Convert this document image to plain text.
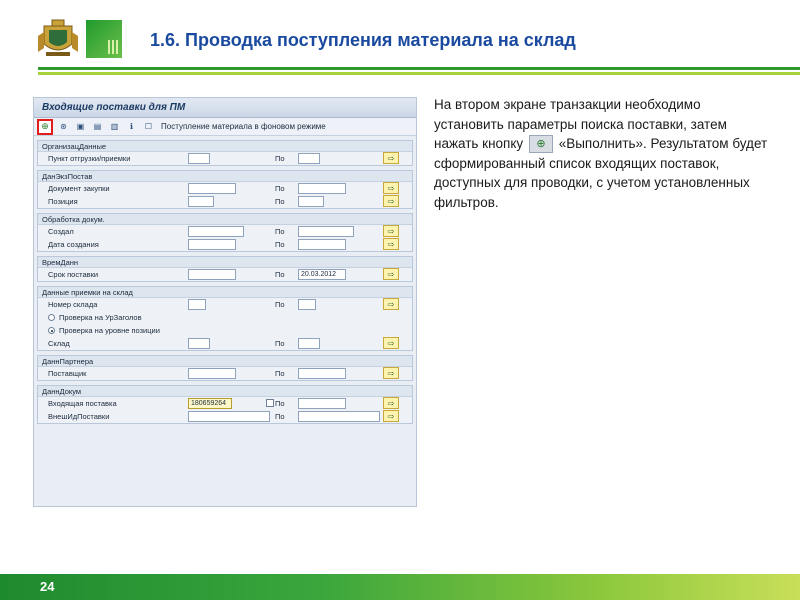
1.6. Проводка поступления материала на склад
Входящие поставки для ПМ
⊕	⊛	▣	▤	▥	ℹ	☐	Поступление материала в фоновом режиме
ОрганизацДанные
Пункт отгрузки/приемки	По	⇨
ДанЭкзПостав
Документ закупки	По	⇨
Позиция	По	⇨
Обработка докум.
Создал	По	⇨
Дата создания	По	⇨
ВремДанн
Срок поставки	По	20.03.2012	⇨
Данные приемки на склад
Номер склада	По	⇨
Проверка на УрЗаголов
Проверка на уровне позиции
Склад	По	⇨
ДаннПартнера
Поставщик	По	⇨
ДаннДокум
Входящая поставка	180659264	По	⇨
ВнешИдПоставки	По	⇨
На втором экране транзакции необходимо установить параметры поиска поставки, затем нажать кнопку ⊕ «Выполнить». Результатом будет сформированный список входящих поставок, доступных для проводки, с учетом установленных фильтров.
24
